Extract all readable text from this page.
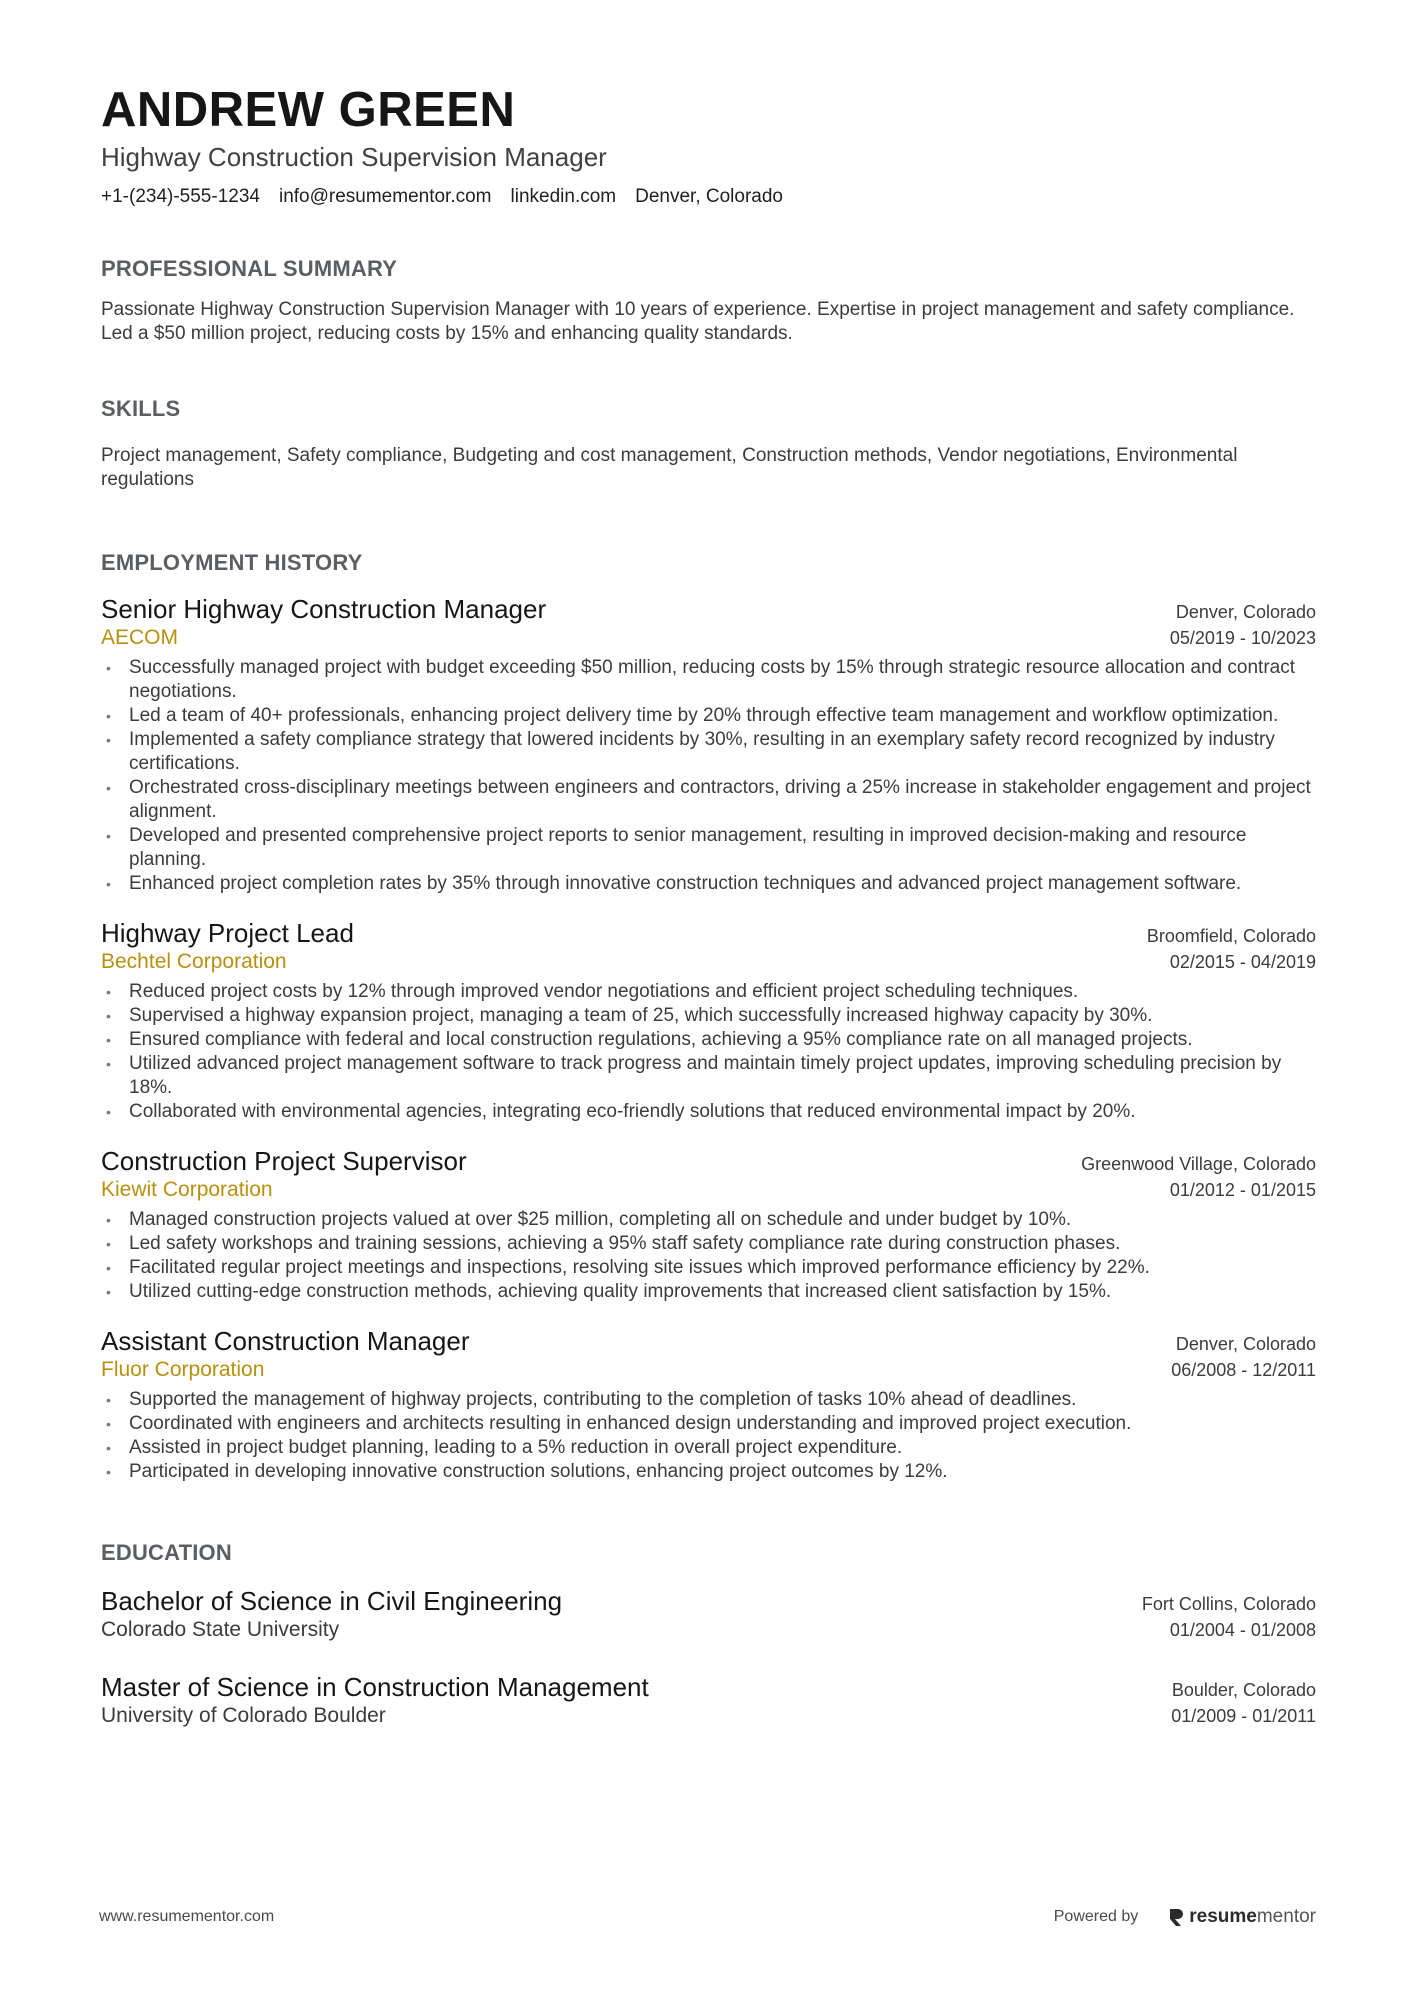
ANDREW GREEN
Highway Construction Supervision Manager
+1-(234)-555-1234 info@resumementor.com linkedin.com Denver, Colorado
PROFESSIONAL SUMMARY
Passionate Highway Construction Supervision Manager with 10 years of experience. Expertise in project management and safety compliance. Led a $50 million project, reducing costs by 15% and enhancing quality standards.
SKILLS
Project management, Safety compliance, Budgeting and cost management, Construction methods, Vendor negotiations, Environmental regulations
EMPLOYMENT HISTORY
Senior Highway Construction Manager	Denver, Colorado
AECOM	05/2019 - 10/2023
• Successfully managed project with budget exceeding $50 million, reducing costs by 15% through strategic resource allocation and contract negotiations.
• Led a team of 40+ professionals, enhancing project delivery time by 20% through effective team management and workflow optimization.
• Implemented a safety compliance strategy that lowered incidents by 30%, resulting in an exemplary safety record recognized by industry certifications.
• Orchestrated cross-disciplinary meetings between engineers and contractors, driving a 25% increase in stakeholder engagement and project alignment.
• Developed and presented comprehensive project reports to senior management, resulting in improved decision-making and resource planning.
• Enhanced project completion rates by 35% through innovative construction techniques and advanced project management software.
Highway Project Lead	Broomfield, Colorado
Bechtel Corporation	02/2015 - 04/2019
• Reduced project costs by 12% through improved vendor negotiations and efficient project scheduling techniques.
• Supervised a highway expansion project, managing a team of 25, which successfully increased highway capacity by 30%.
• Ensured compliance with federal and local construction regulations, achieving a 95% compliance rate on all managed projects.
• Utilized advanced project management software to track progress and maintain timely project updates, improving scheduling precision by 18%.
• Collaborated with environmental agencies, integrating eco-friendly solutions that reduced environmental impact by 20%.
Construction Project Supervisor	Greenwood Village, Colorado
Kiewit Corporation	01/2012 - 01/2015
• Managed construction projects valued at over $25 million, completing all on schedule and under budget by 10%.
• Led safety workshops and training sessions, achieving a 95% staff safety compliance rate during construction phases.
• Facilitated regular project meetings and inspections, resolving site issues which improved performance efficiency by 22%.
• Utilized cutting-edge construction methods, achieving quality improvements that increased client satisfaction by 15%.
Assistant Construction Manager	Denver, Colorado
Fluor Corporation	06/2008 - 12/2011
• Supported the management of highway projects, contributing to the completion of tasks 10% ahead of deadlines.
• Coordinated with engineers and architects resulting in enhanced design understanding and improved project execution.
• Assisted in project budget planning, leading to a 5% reduction in overall project expenditure.
• Participated in developing innovative construction solutions, enhancing project outcomes by 12%.
EDUCATION
Bachelor of Science in Civil Engineering	Fort Collins, Colorado
Colorado State University	01/2004 - 01/2008
Master of Science in Construction Management	Boulder, Colorado
University of Colorado Boulder	01/2009 - 01/2011
www.resumementor.com	Powered by	resume mentor
